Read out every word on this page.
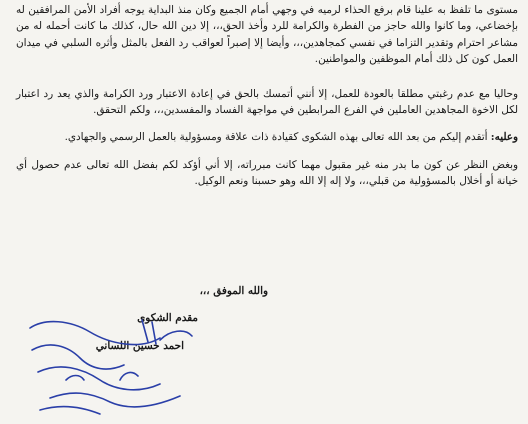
مستوى ما تلفظ به علينا قام برفع الحذاء لرميه في وجهي أمام الجميع وكان منذ البداية يوجه أفراد الأمن المرافقين له بإخضاعي، وما كانوا والله حاجز من الفطرة والكرامة للرد وأخذ الحق،،، إلا دين الله حال، كذلك ما كانت أحمله له من مشاعر احترام وتقدير التزاما في نفسي كمجاهدين،،، وأيضا إلا إصبراً لعواقب رد الفعل بالمثل وأثره السلبي في ميدان العمل كون كل ذلك أمام الموظفين والمواطنين.

وحاليا مع عدم رغبتي مطلقا بالعودة للعمل، إلا أنني أتمسك بالحق في إعادة الاعتبار ورد الكرامة والذي يعد رد اعتبار لكل الاخوة المجاهدين العاملين في الفرع المرابطين في مواجهة الفساد والمفسدين،،، ولكم التحقق.

وعليه: أتقدم إليكم من بعد الله تعالى بهذه الشكوى كقيادة ذات علاقة ومسؤولية بالعمل الرسمي والجهادي.

وبغض النظر عن كون ما بدر منه غير مقبول مهما كانت مبرراته، إلا أني أؤكد لكم بفضل الله تعالى عدم حصول أي خيانة أو أخلال بالمسؤولية من قبلي،،، ولا إله إلا الله وهو حسبنا ونعم الوكيل.

والله الموفق ،،،
مقدم الشكوى
احمد حسين اللساني
